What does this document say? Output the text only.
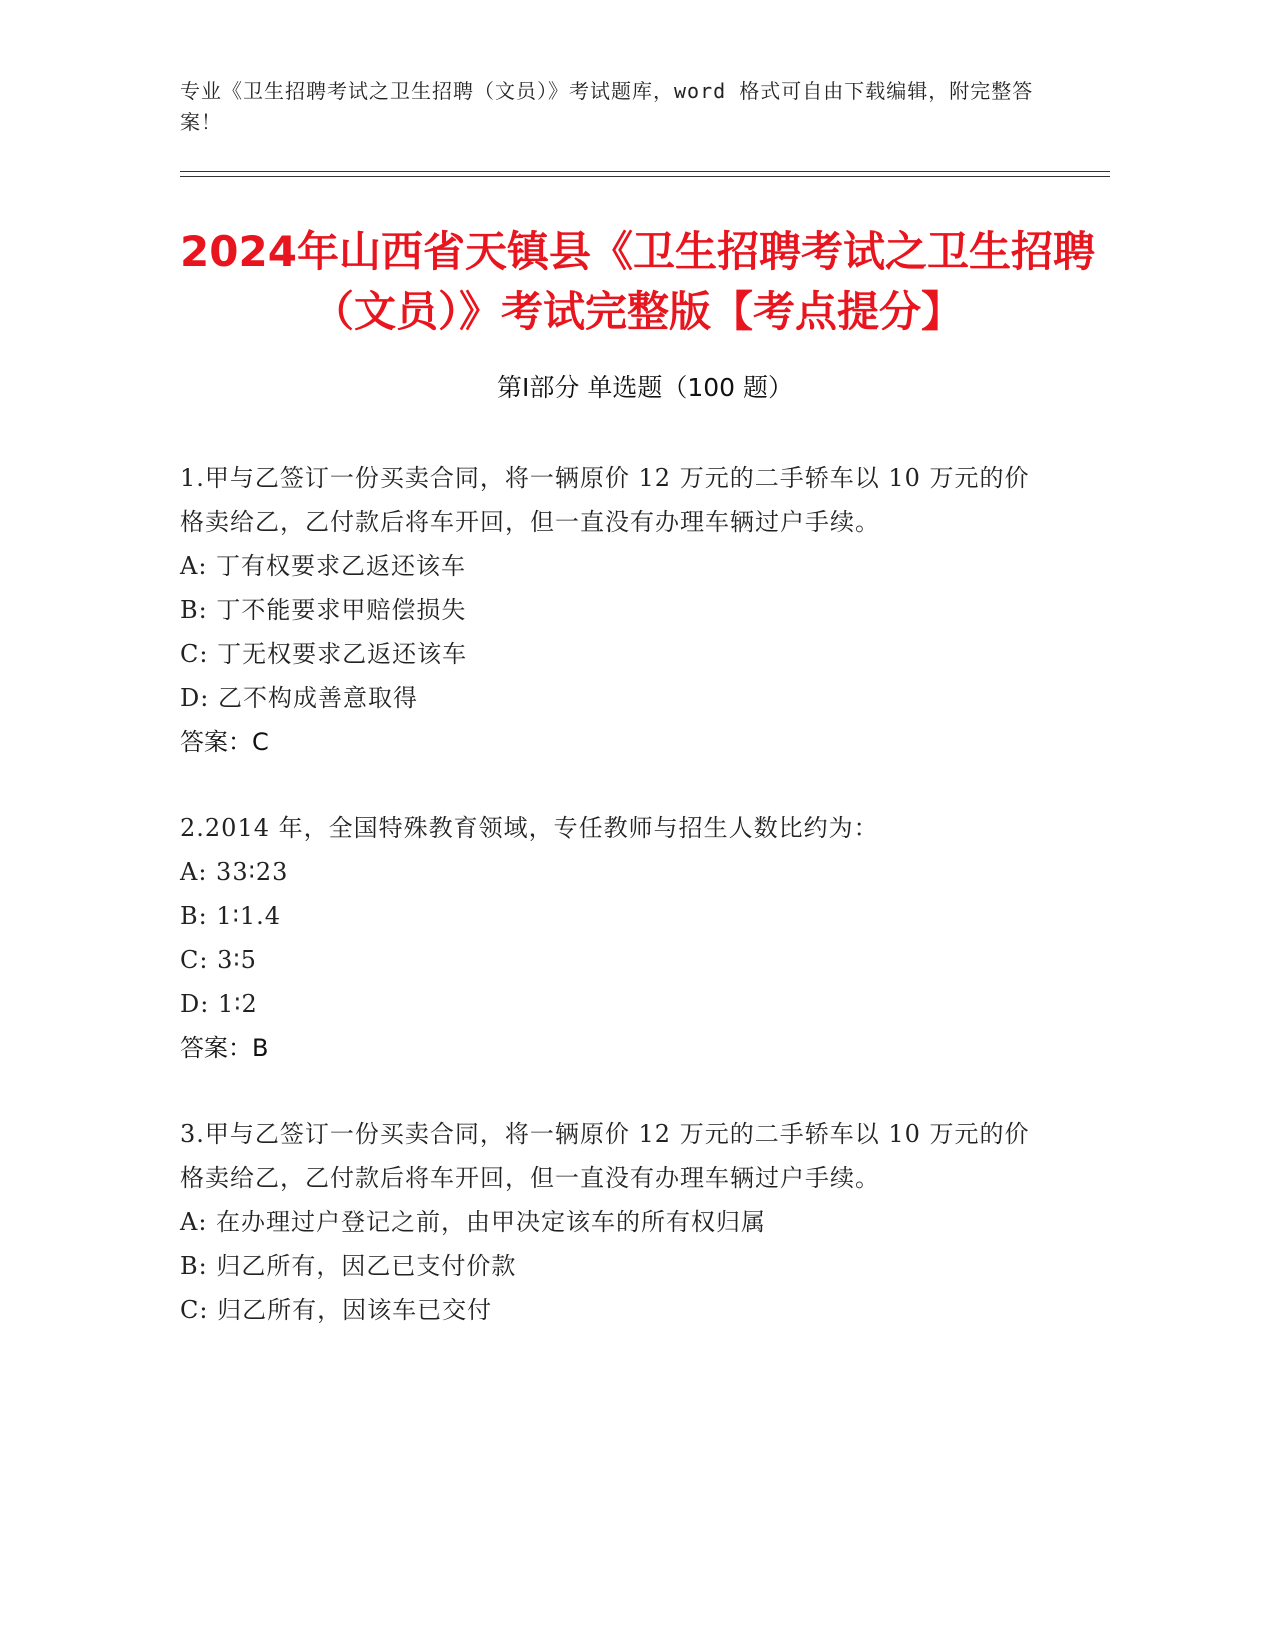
专业《卫生招聘考试之卫生招聘（文员）》考试题库，word 格式可自由下载编辑，附完整答案！
2024年山西省天镇县《卫生招聘考试之卫生招聘（文员）》考试完整版【考点提分】
第Ⅰ部分 单选题（100 题）
1.甲与乙签订一份买卖合同，将一辆原价 12 万元的二手轿车以 10 万元的价格卖给乙，乙付款后将车开回，但一直没有办理车辆过户手续。
A: 丁有权要求乙返还该车
B: 丁不能要求甲赔偿损失
C: 丁无权要求乙返还该车
D: 乙不构成善意取得
答案：C
2.2014 年，全国特殊教育领域，专任教师与招生人数比约为：
A: 33∶23
B: 1∶1.4
C: 3∶5
D: 1∶2
答案：B
3.甲与乙签订一份买卖合同，将一辆原价 12 万元的二手轿车以 10 万元的价格卖给乙，乙付款后将车开回，但一直没有办理车辆过户手续。
A: 在办理过户登记之前，由甲决定该车的所有权归属
B: 归乙所有，因乙已支付价款
C: 归乙所有，因该车已交付
